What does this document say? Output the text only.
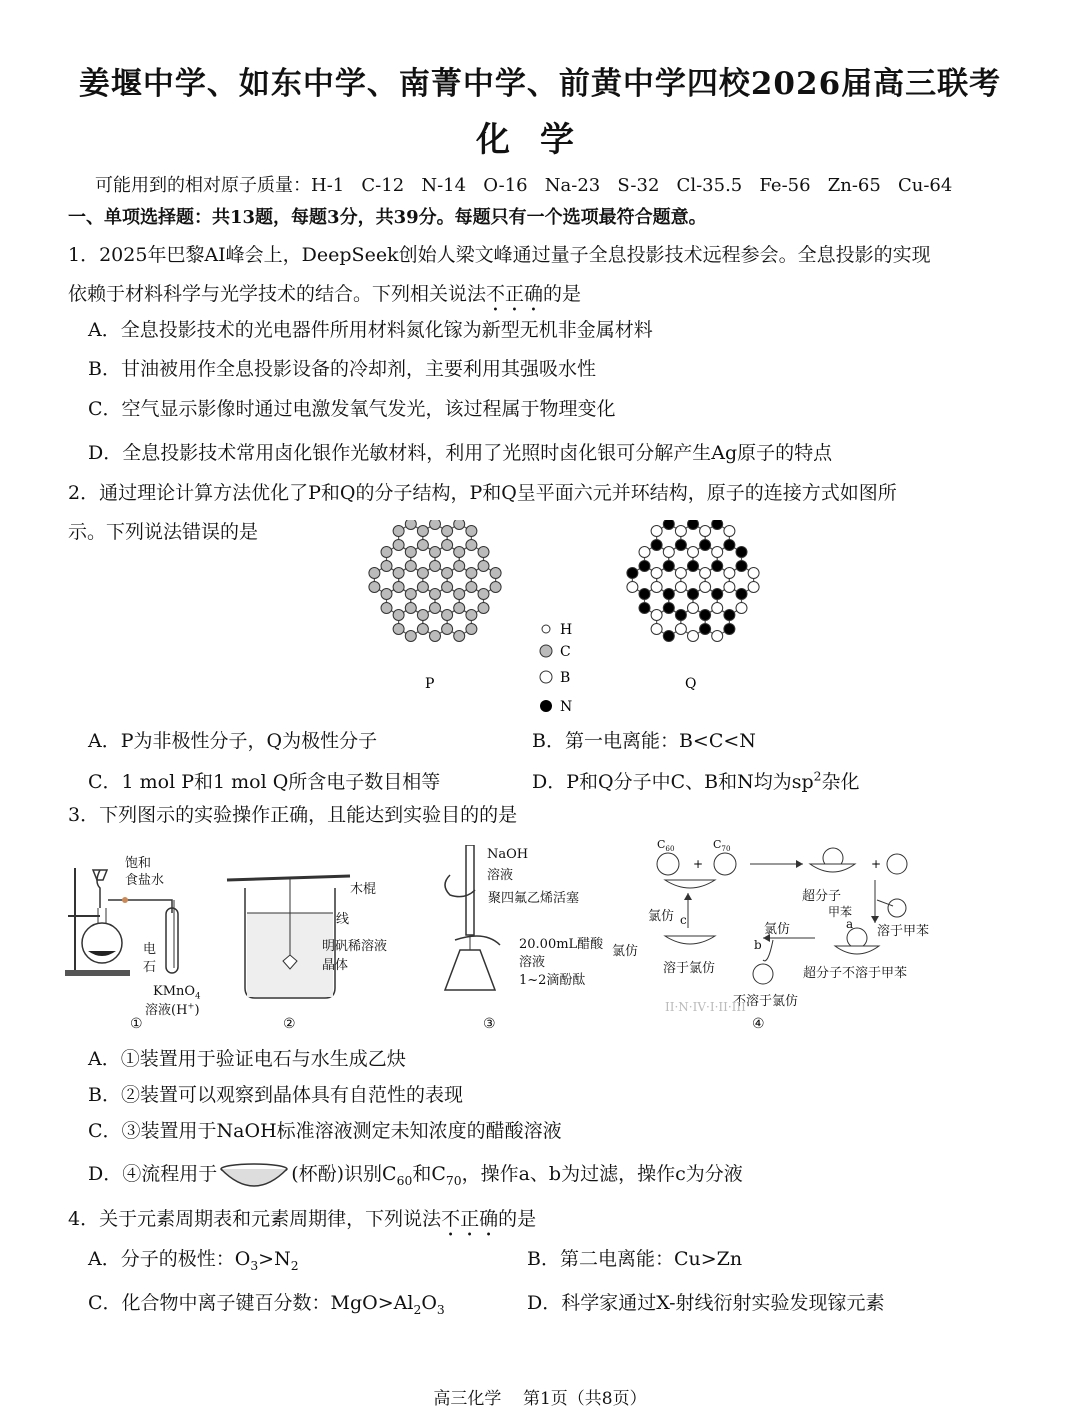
姜堰中学、如东中学、南菁中学、前黄中学四校2026届高三联考
化学
可能用到的相对原子质量：H-1   C-12   N-14   O-16   Na-23   S-32   Cl-35.5   Fe-56   Zn-65   Cu-64
一、单项选择题：共13题，每题3分，共39分。每题只有一个选项最符合题意。
1．2025年巴黎AI峰会上，DeepSeek创始人梁文峰通过量子全息投影技术远程参会。全息投影的实现
依赖于材料科学与光学技术的结合。下列相关说法不正确的是
A．全息投影技术的光电器件所用材料氮化镓为新型无机非金属材料
B．甘油被用作全息投影设备的冷却剂，主要利用其强吸水性
C．空气显示影像时通过电激发氧气发光，该过程属于物理变化
D．全息投影技术常用卤化银作光敏材料，利用了光照时卤化银可分解产生Ag原子的特点
2．通过理论计算方法优化了P和Q的分子结构，P和Q呈平面六元并环结构，原子的连接方式如图所
示。下列说法错误的是
P	Q
H
C
B
N
A．P为非极性分子，Q为极性分子	B．第一电离能：B<C<N
C．1 mol P和1 mol Q所含电子数目相等	D．P和Q分子中C、B和N均为$sp^2$杂化
3．下列图示的实验操作正确，且能达到实验目的的是
饱和
食盐水
电
石
KMnO$_4$
溶液(H+)
①
木棍
线
明矾稀溶液
晶体
②
NaOH
溶液
聚四氟乙烯活塞
20.00mL醋酸
溶液
1~2滴酚酞
③
+	+
$C_{60}$	$C_{70}$
超分子
甲苯
溶于甲苯
氯仿
氯仿
溶于氯仿	超分子不溶于甲苯
不溶于氯仿
氯仿
a
b
c
II·N·IV·I·II·III
④
A．①装置用于验证电石与水生成乙炔
B．②装置可以观察到晶体具有自范性的表现
C．③装置用于NaOH标准溶液测定未知浓度的醋酸溶液
D．④流程用于	(杯酚)识别$C_{60}$和$C_{70}$，操作a、b为过滤，操作c为分液
4．关于元素周期表和元素周期律，下列说法不正确的是
A．分子的极性：$O_3>N_2$	B．第二电离能：Cu>Zn
C．化合物中离子键百分数：$MgO>Al_2O_3$	D．科学家通过X-射线衍射实验发现镓元素
高三化学    第1页（共8页）
